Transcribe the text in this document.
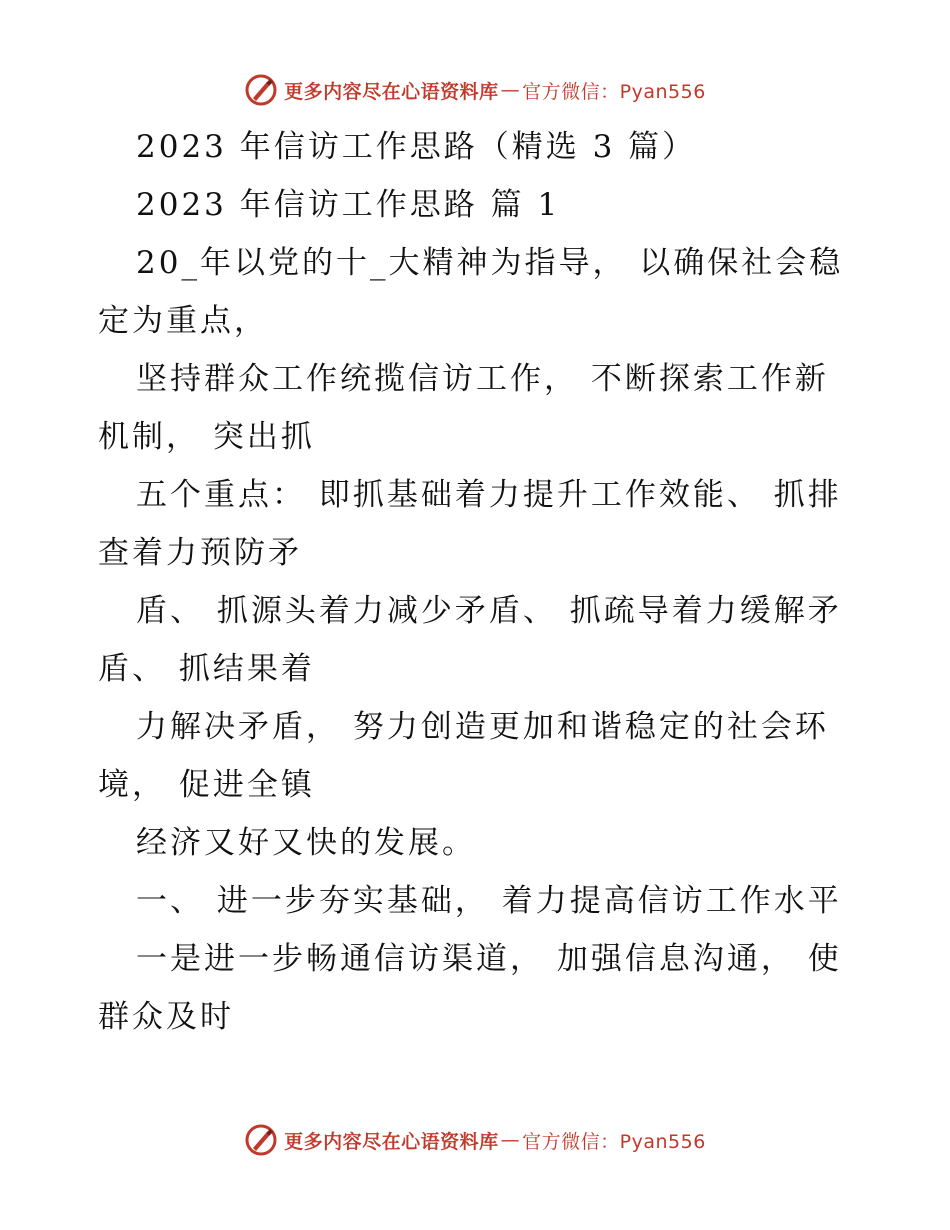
更多内容尽在心语资料库 — 官方微信：Pyan556
2023 年信访工作思路（精选 3 篇）
2023 年信访工作思路 篇 1
20_年以党的十_大精神为指导， 以确保社会稳
定为重点，
坚持群众工作统揽信访工作， 不断探索工作新
机制， 突出抓
五个重点： 即抓基础着力提升工作效能、 抓排
查着力预防矛
盾、 抓源头着力减少矛盾、 抓疏导着力缓解矛
盾、 抓结果着
力解决矛盾， 努力创造更加和谐稳定的社会环
境， 促进全镇
经济又好又快的发展。
一、 进一步夯实基础， 着力提高信访工作水平
一是进一步畅通信访渠道， 加强信息沟通， 使
群众及时
更多内容尽在心语资料库 — 官方微信：Pyan556
